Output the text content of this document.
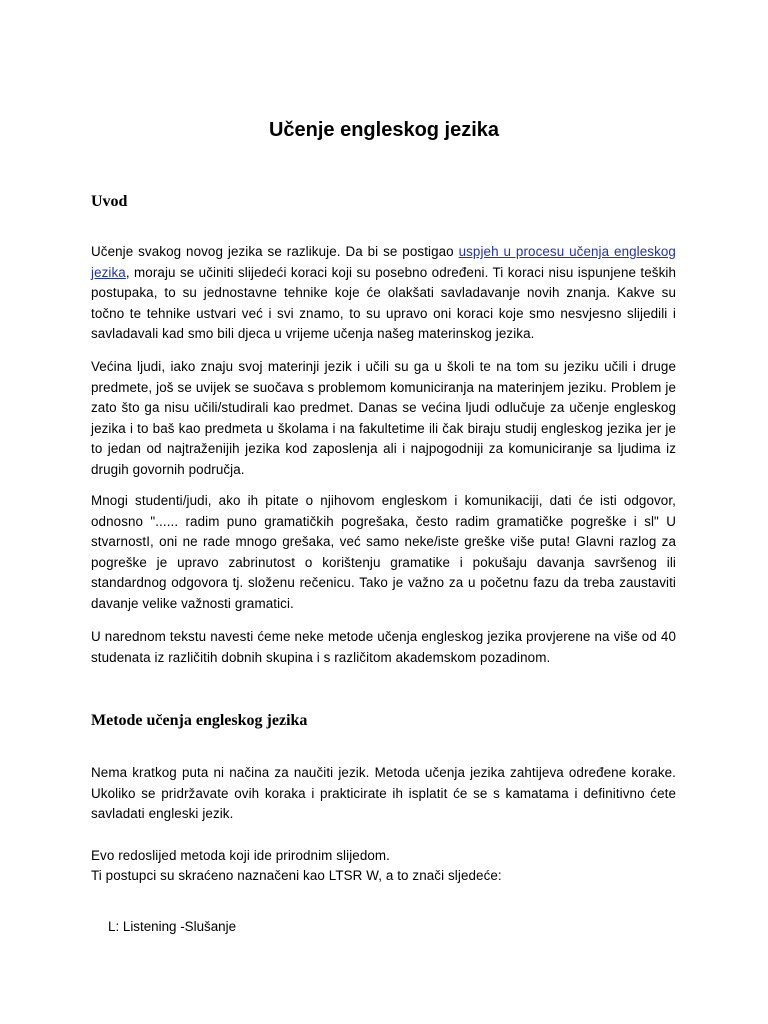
Učenje engleskog jezika
Uvod

Učenje svakog novog jezika se razlikuje. Da bi se postigao uspjeh u procesu učenja engleskog jezika, moraju se učiniti slijedeći koraci koji su posebno određeni. Ti koraci nisu ispunjene teških postupaka, to su jednostavne tehnike koje će olakšati savladavanje novih znanja. Kakve su točno te tehnike ustvari već i svi znamo, to su upravo oni koraci koje smo nesvjesno slijedili i savladavali kad smo bili djeca u vrijeme učenja našeg materinskog jezika.

Većina ljudi, iako znaju svoj materinji jezik i učili su ga u školi te na tom su jeziku učili i druge predmete, još se uvijek se suočava s problemom komuniciranja na materinjem jeziku. Problem je zato što ga nisu učili/studirali kao predmet. Danas se većina ljudi odlučuje za učenje engleskog jezika i to baš kao predmeta u školama i na fakultetime ili čak biraju studij engleskog jezika jer je to jedan od najtraženijih jezika kod zaposlenja ali i najpogodniji za komuniciranje sa ljudima iz drugih govornih područja.

Mnogi studenti/judi, ako ih pitate o njihovom engleskom i komunikaciji, dati će isti odgovor, odnosno "...... radim puno gramatičkih pogrešaka, često radim gramatičke pogreške i sl" U stvarnostI, oni ne rade mnogo grešaka, već samo neke/iste greške više puta! Glavni razlog za pogreške je upravo zabrinutost o korištenju gramatike i pokušaju davanja savršenog ili standardnog odgovora tj. složenu rečenicu. Tako je važno za u početnu fazu da treba zaustaviti davanje velike važnosti gramatici.

U narednom tekstu navesti ćeme neke metode učenja engleskog jezika provjerene na više od 40 studenata iz različitih dobnih skupina i s različitom akademskom pozadinom.

Metode učenja engleskog jezika

Nema kratkog puta ni načina za naučiti jezik. Metoda učenja jezika zahtijeva određene korake. Ukoliko se pridržavate ovih koraka i prakticirate ih isplatit će se s kamatama i definitivno ćete savladati engleski jezik.

Evo redoslijed metoda koji ide prirodnim slijedom.

Ti postupci su skraćeno naznačeni kao LTSR W, a to znači sljedeće:

L: Listening -Slušanje
